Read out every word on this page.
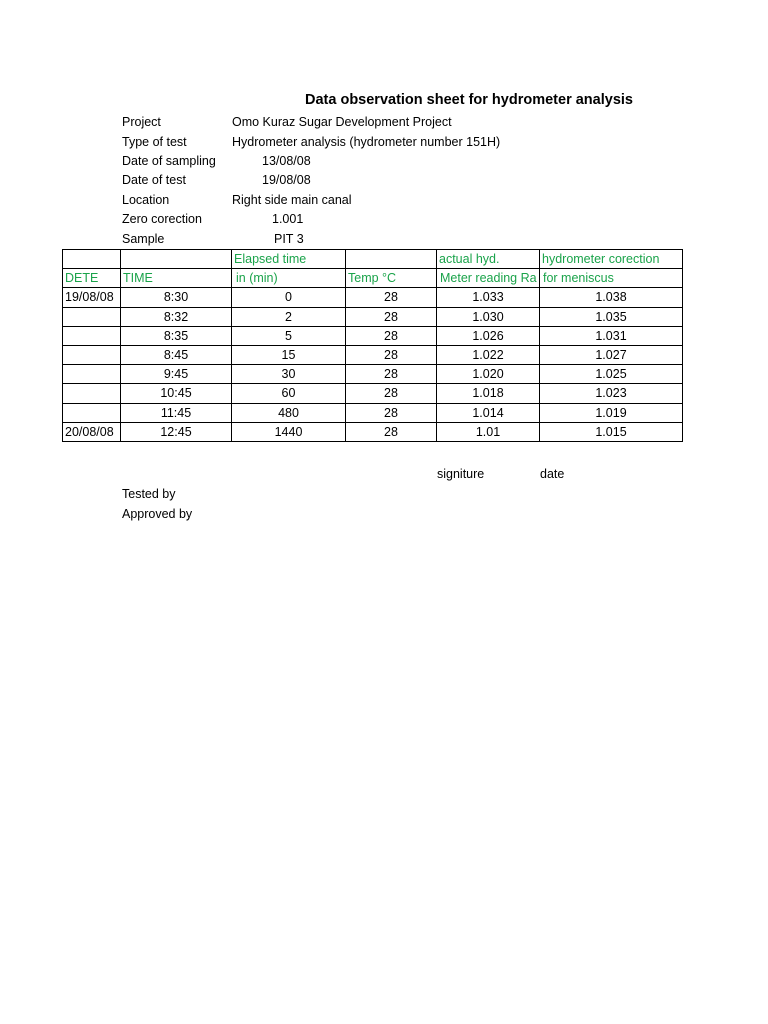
Data observation sheet for hydrometer analysis
Project	Omo Kuraz Sugar Development Project
Type of test	Hydrometer analysis (hydrometer number 151H)
Date of sampling	13/08/08
Date of test	19/08/08
Location	Right side main canal
Zero corection	1.001
Sample	PIT 3
		Elapsed time		actual hyd.	hydrometer corection
DETE	TIME	in (min)	Temp °C	Meter reading Ra	for meniscus
19/08/08	8:30	0	28	1.033	1.038
	8:32	2	28	1.030	1.035
	8:35	5	28	1.026	1.031
	8:45	15	28	1.022	1.027
	9:45	30	28	1.020	1.025
	10:45	60	28	1.018	1.023
	11:45	480	28	1.014	1.019
20/08/08	12:45	1440	28	1.01	1.015
signiture	date
Tested by
Approved by
